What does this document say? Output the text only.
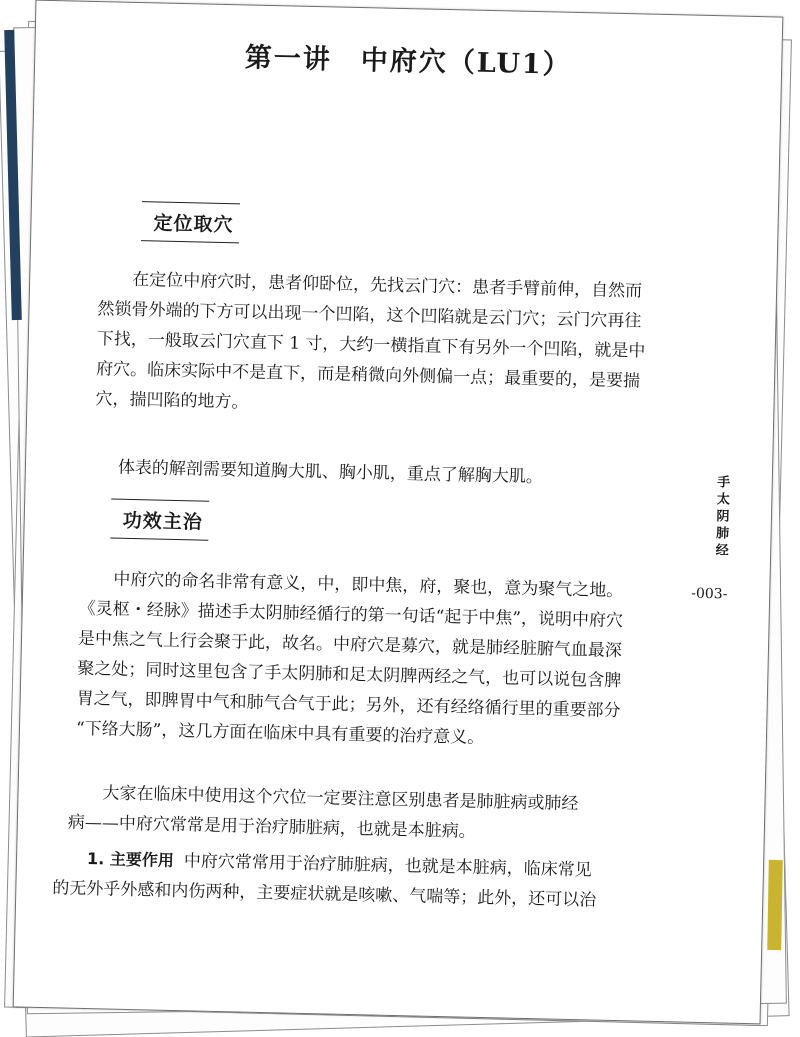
第一讲　中府穴（LU1）
定位取穴

在定位中府穴时，患者仰卧位，先找云门穴：患者手臂前伸，自然而
然锁骨外端的下方可以出现一个凹陷，这个凹陷就是云门穴；云门穴再往
下找，一般取云门穴直下 1 寸，大约一横指直下有另外一个凹陷，就是中
府穴。临床实际中不是直下，而是稍微向外侧偏一点；最重要的，是要揣
穴，揣凹陷的地方。

体表的解剖需要知道胸大肌、胸小肌，重点了解胸大肌。

功效主治

中府穴的命名非常有意义，中，即中焦，府，聚也，意为聚气之地。
《灵枢・经脉》描述手太阴肺经循行的第一句话“起于中焦”，说明中府穴
是中焦之气上行会聚于此，故名。中府穴是募穴，就是肺经脏腑气血最深
聚之处；同时这里包含了手太阴肺和足太阴脾两经之气，也可以说包含脾
胃之气，即脾胃中气和肺气合气于此；另外，还有经络循行里的重要部分
“下络大肠”，这几方面在临床中具有重要的治疗意义。

大家在临床中使用这个穴位一定要注意区别患者是肺脏病或肺经
病——中府穴常常是用于治疗肺脏病，也就是本脏病。

1. 主要作用 中府穴常常用于治疗肺脏病，也就是本脏病，临床常见
的无外乎外感和内伤两种，主要症状就是咳嗽、气喘等；此外，还可以治

手
太
阴
肺
经

-003-
